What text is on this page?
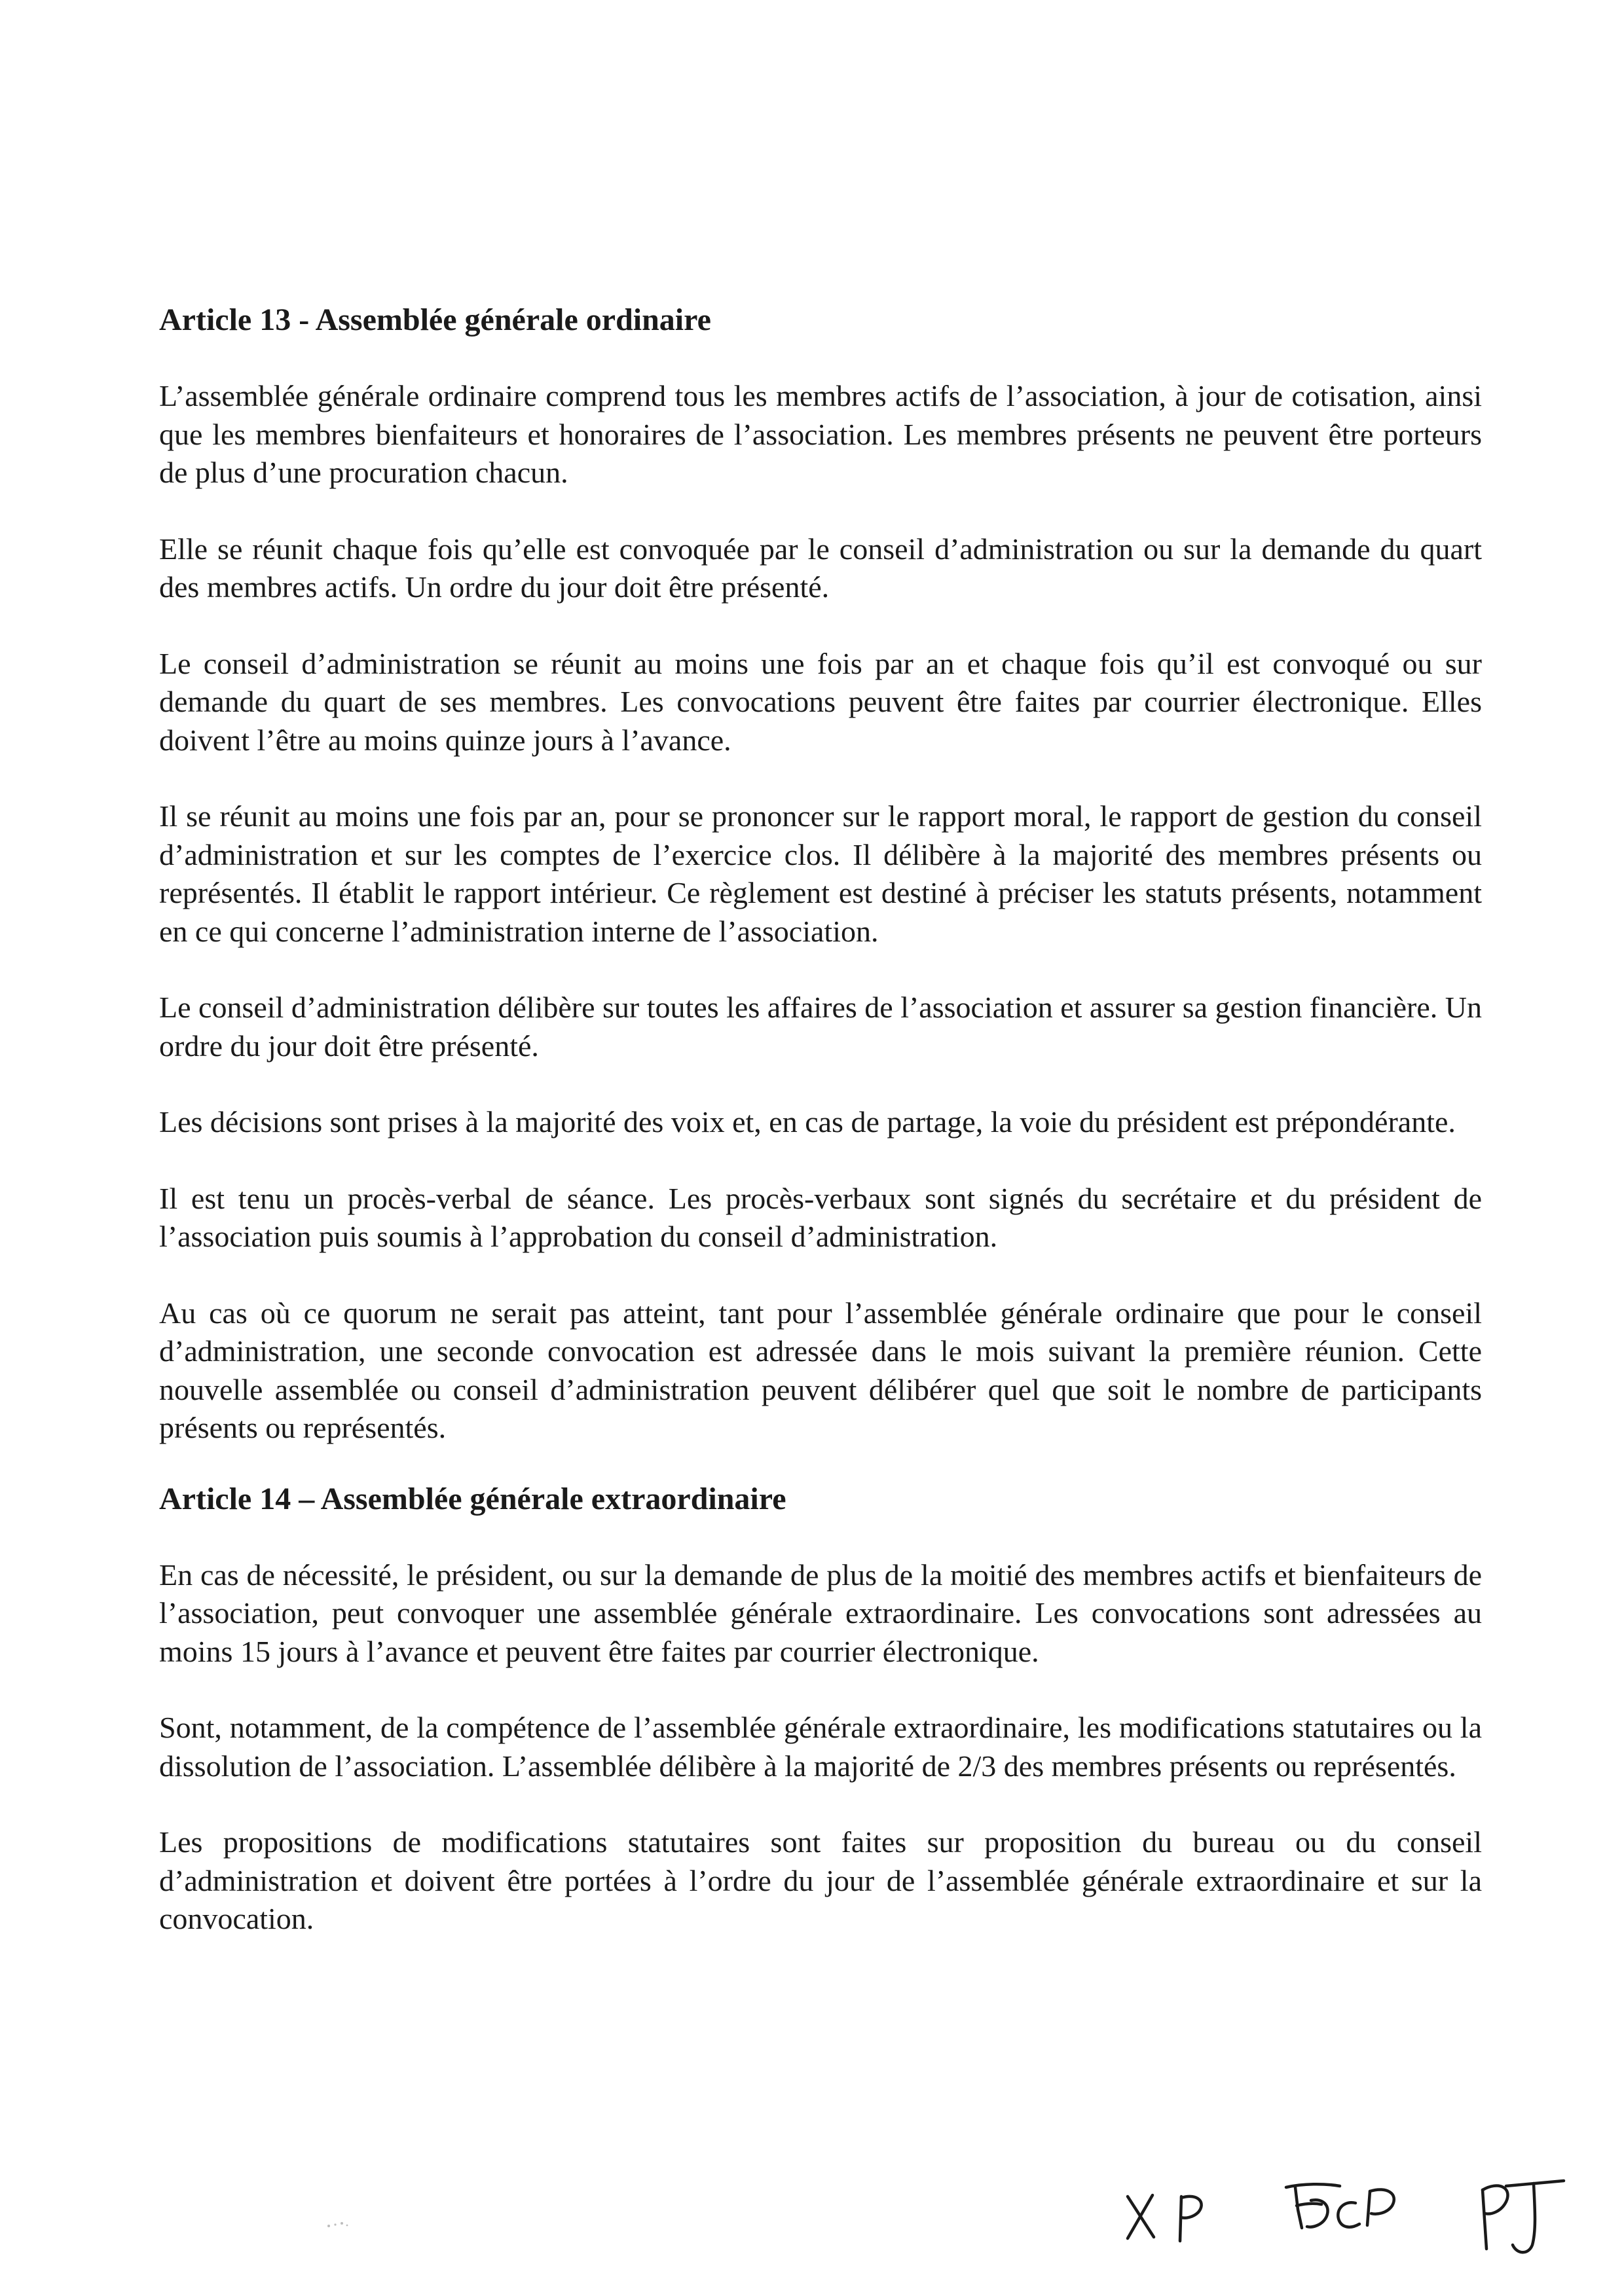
Article 13 - Assemblée générale ordinaire

L’assemblée générale ordinaire comprend tous les membres actifs de l’association, à jour de cotisation, ainsi que les membres bienfaiteurs et honoraires de l’association. Les membres présents ne peuvent être porteurs de plus d’une procuration chacun.

Elle se réunit chaque fois qu’elle est convoquée par le conseil d’administration ou sur la demande du quart des membres actifs. Un ordre du jour doit être présenté.

Le conseil d’administration se réunit au moins une fois par an et chaque fois qu’il est convoqué ou sur demande du quart de ses membres. Les convocations peuvent être faites par courrier électronique. Elles doivent l’être au moins quinze jours à l’avance.

Il se réunit au moins une fois par an, pour se prononcer sur le rapport moral, le rapport de gestion du conseil d’administration et sur les comptes de l’exercice clos. Il délibère à la majorité des membres présents ou représentés. Il établit le rapport intérieur. Ce règlement est destiné à préciser les statuts présents, notamment en ce qui concerne l’administration interne de l’association.

Le conseil d’administration délibère sur toutes les affaires de l’association et assurer sa gestion financière. Un ordre du jour doit être présenté.

Les décisions sont prises à la majorité des voix et, en cas de partage, la voie du président est prépondérante.

Il est tenu un procès-verbal de séance. Les procès-verbaux sont signés du secrétaire et du président de l’association puis soumis à l’approbation du conseil d’administration.

Au cas où ce quorum ne serait pas atteint, tant pour l’assemblée générale ordinaire que pour le conseil d’administration, une seconde convocation est adressée dans le mois suivant la première réunion. Cette nouvelle assemblée ou conseil d’administration peuvent délibérer quel que soit le nombre de participants présents ou représentés.

Article 14 – Assemblée générale extraordinaire

En cas de nécessité, le président, ou sur la demande de plus de la moitié des membres actifs et bienfaiteurs de l’association, peut convoquer une assemblée générale extraordinaire. Les convocations sont adressées au moins 15 jours à l’avance et peuvent être faites par courrier électronique.

Sont, notamment, de la compétence de l’assemblée générale extraordinaire, les modifications statutaires ou la dissolution de l’association. L’assemblée délibère à la majorité de 2/3 des membres présents ou représentés.

Les propositions de modifications statutaires sont faites sur proposition du bureau ou du conseil d’administration et doivent être portées à l’ordre du jour de l’assemblée générale extraordinaire et sur la convocation.
